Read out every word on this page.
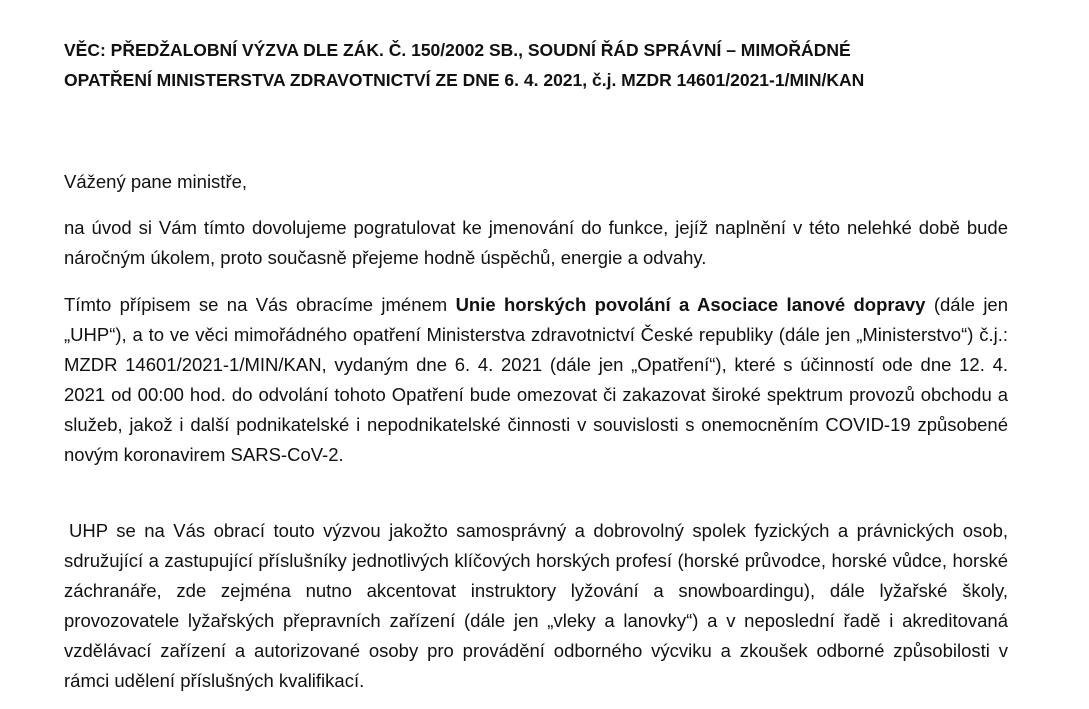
VĚC: PŘEDŽALOBNÍ VÝZVA DLE ZÁK. Č. 150/2002 SB., SOUDNÍ ŘÁD SPRÁVNÍ – MIMOŘÁDNÉ
OPATŘENÍ MINISTERSTVA ZDRAVOTNICTVÍ ZE DNE 6. 4. 2021, č.j. MZDR 14601/2021-1/MIN/KAN
Vážený pane ministře,
na úvod si Vám tímto dovolujeme pogratulovat ke jmenování do funkce, jejíž naplnění v této nelehké době bude náročným úkolem, proto současně přejeme hodně úspěchů, energie a odvahy.
Tímto přípisem se na Vás obracíme jménem Unie horských povolání a Asociace lanové dopravy (dále jen „UHP“), a to ve věci mimořádného opatření Ministerstva zdravotnictví České republiky (dále jen „Ministerstvo“) č.j.: MZDR 14601/2021-1/MIN/KAN, vydaným dne 6. 4. 2021 (dále jen „Opatření“), které s účinností ode dne 12. 4. 2021 od 00:00 hod. do odvolání tohoto Opatření bude omezovat či zakazovat široké spektrum provozů obchodu a služeb, jakož i další podnikatelské i nepodnikatelské činnosti v souvislosti s onemocněním COVID-19 způsobené novým koronavirem SARS-CoV-2.
UHP se na Vás obrací touto výzvou jakožto samosprávný a dobrovolný spolek fyzických a právnických osob, sdružující a zastupující příslušníky jednotlivých klíčových horských profesí (horské průvodce, horské vůdce, horské záchranáře, zde zejména nutno akcentovat instruktory lyžování a snowboardingu), dále lyžařské školy, provozovatele lyžařských přepravních zařízení (dále jen „vleky a lanovky“) a v neposlední řadě i akreditovaná vzdělávací zařízení a autorizované osoby pro provádění odborného výcviku a zkoušek odborné způsobilosti v rámci udělení příslušných kvalifikací.
